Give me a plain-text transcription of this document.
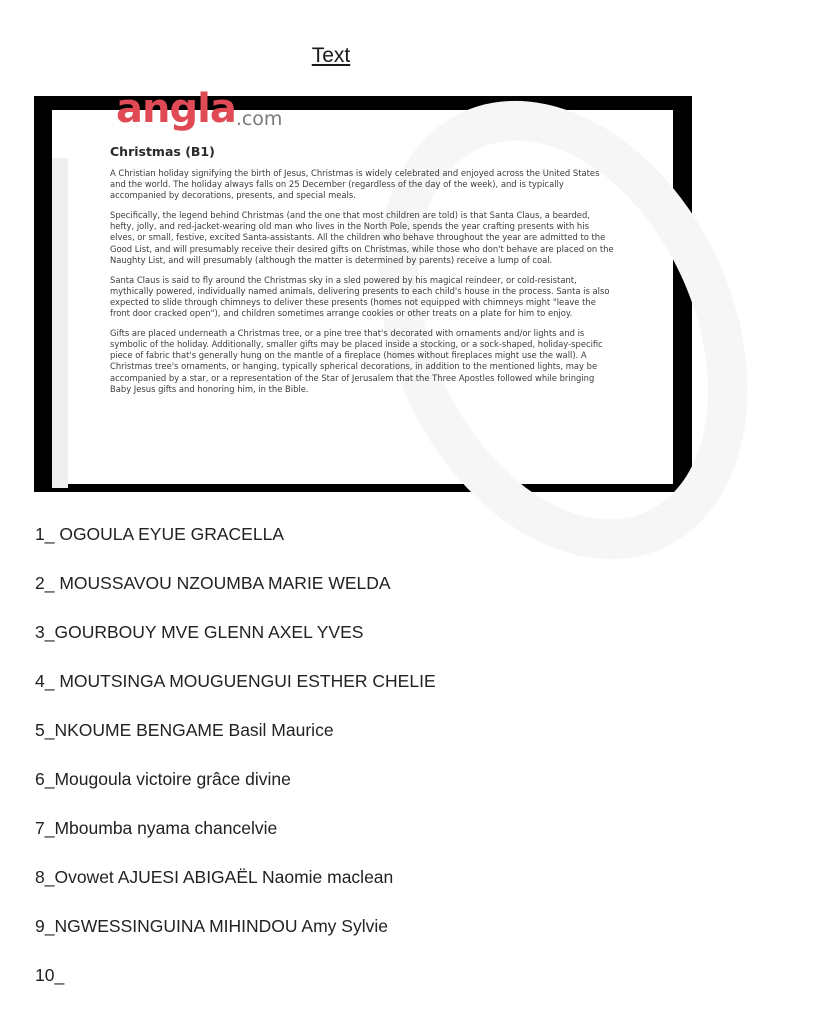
Text
angla.com
Christmas (B1)

A Christian holiday signifying the birth of Jesus, Christmas is widely celebrated and enjoyed across the United States and the world. The holiday always falls on 25 December (regardless of the day of the week), and is typically accompanied by decorations, presents, and special meals.

Specifically, the legend behind Christmas (and the one that most children are told) is that Santa Claus, a bearded, hefty, jolly, and red-jacket-wearing old man who lives in the North Pole, spends the year crafting presents with his elves, or small, festive, excited Santa-assistants. All the children who behave throughout the year are admitted to the Good List, and will presumably receive their desired gifts on Christmas, while those who don't behave are placed on the Naughty List, and will presumably (although the matter is determined by parents) receive a lump of coal.

Santa Claus is said to fly around the Christmas sky in a sled powered by his magical reindeer, or cold-resistant, mythically powered, individually named animals, delivering presents to each child's house in the process. Santa is also expected to slide through chimneys to deliver these presents (homes not equipped with chimneys might "leave the front door cracked open"), and children sometimes arrange cookies or other treats on a plate for him to enjoy.

Gifts are placed underneath a Christmas tree, or a pine tree that's decorated with ornaments and/or lights and is symbolic of the holiday. Additionally, smaller gifts may be placed inside a stocking, or a sock-shaped, holiday-specific piece of fabric that's generally hung on the mantle of a fireplace (homes without fireplaces might use the wall). A Christmas tree's ornaments, or hanging, typically spherical decorations, in addition to the mentioned lights, may be accompanied by a star, or a representation of the Star of Jerusalem that the Three Apostles followed while bringing Baby Jesus gifts and honoring him, in the Bible.

1_ OGOULA EYUE GRACELLA
2_ MOUSSAVOU NZOUMBA MARIE WELDA
3_GOURBOUY MVE GLENN AXEL YVES
4_ MOUTSINGA MOUGUENGUI ESTHER CHELIE
5_NKOUME BENGAME Basil Maurice
6_Mougoula victoire grâce divine
7_Mboumba nyama chancelvie
8_Ovowet AJUESI ABIGAËL Naomie maclean
9_NGWESSINGUINA MIHINDOU Amy Sylvie
10_
